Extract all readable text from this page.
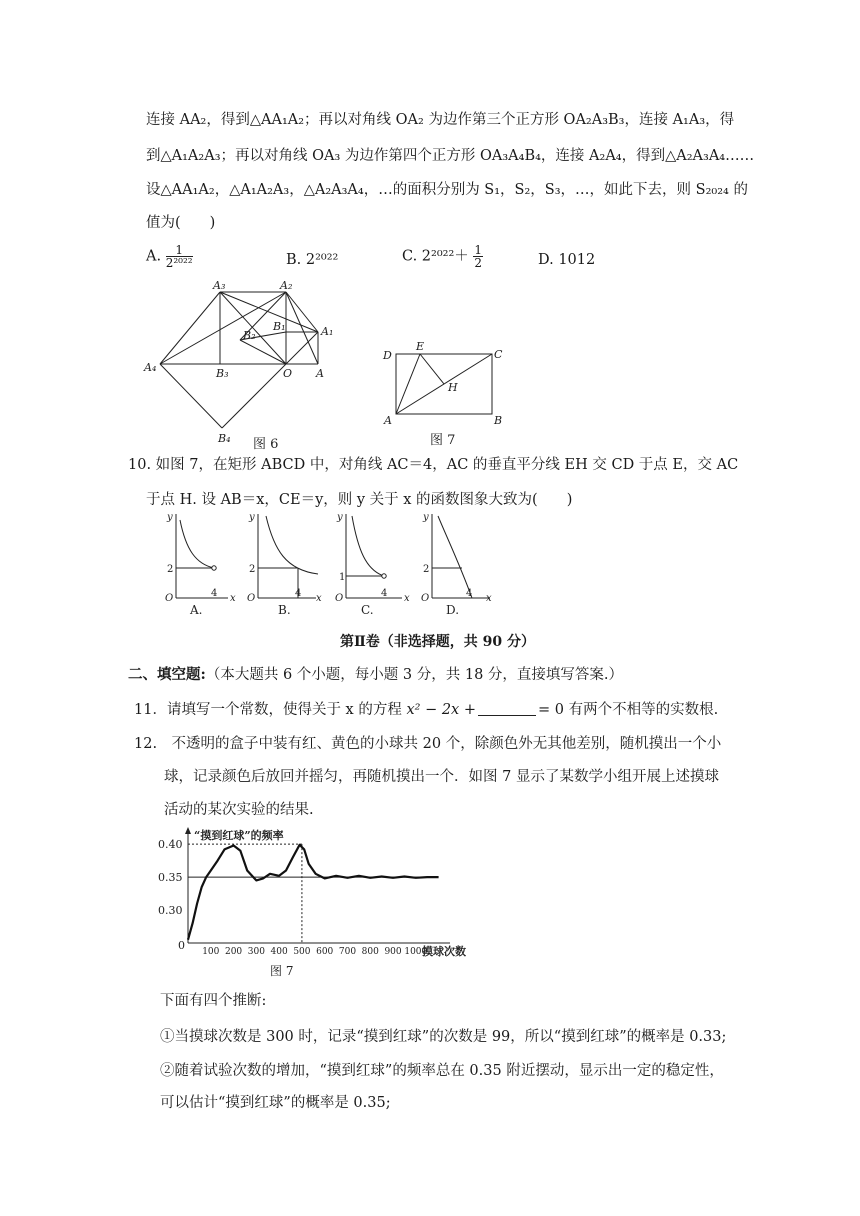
连接 AA₂，得到△AA₁A₂；再以对角线 OA₂ 为边作第三个正方形 OA₂A₃B₃，连接 A₁A₃，得
到△A₁A₂A₃；再以对角线 OA₃ 为边作第四个正方形 OA₃A₄B₄，连接 A₂A₄，得到△A₂A₃A₄……
设△AA₁A₂，△A₁A₂A₃，△A₂A₃A₄，…的面积分别为 S₁，S₂，S₃，…，如此下去，则 S₂₀₂₄ 的
值为(　　)
A. $\frac{1}{\text{2²⁰²²}}$	B. 2²⁰²²	C. $2^{2022}+ \frac{1}{2}$	D. 1012
A₃	A₂
A₁
B₁
B₂
A₄	B₃	O A
B₄ 图 6
D
E
C
H
A	B
图 7
10. 如图 7，在矩形 ABCD 中，对角线 AC＝4，AC 的垂直平分线 EH 交 CD 于点 E，交 AC
于点 H. 设 AB＝x，CE＝y，则 y 关于 x 的函数图象大致为(　　)
y
O	x
2
4
A.
y
O	x
2
4
B.
y
O	x
1
4
C.
y
O	x
2
4
D.
第Ⅱ卷（非选择题，共 90 分）
二、填空题:（本大题共 6 个小题，每小题 3 分，共 18 分，直接填写答案.）
11．请填写一个常数，使得关于 x 的方程 x² − 2x +	= 0 有两个不相等的实数根.
12.　不透明的盒子中装有红、黄色的小球共 20 个，除颜色外无其他差别，随机摸出一个小
球，记录颜色后放回并摇匀，再随机摸出一个．如图 7 显示了某数学小组开展上述摸球
活动的某次实验的结果.
0.40
0.35
0.30
100 200 300 400 500 600 700 800 900 1000
“摸到红球”的频率
摸球次数
0
图 7
下面有四个推断:
①当摸球次数是 300 时，记录“摸到红球”的次数是 99，所以“摸到红球”的概率是 0.33;
②随着试验次数的增加，“摸到红球”的频率总在 0.35 附近摆动，显示出一定的稳定性，
可以估计“摸到红球”的概率是 0.35;
